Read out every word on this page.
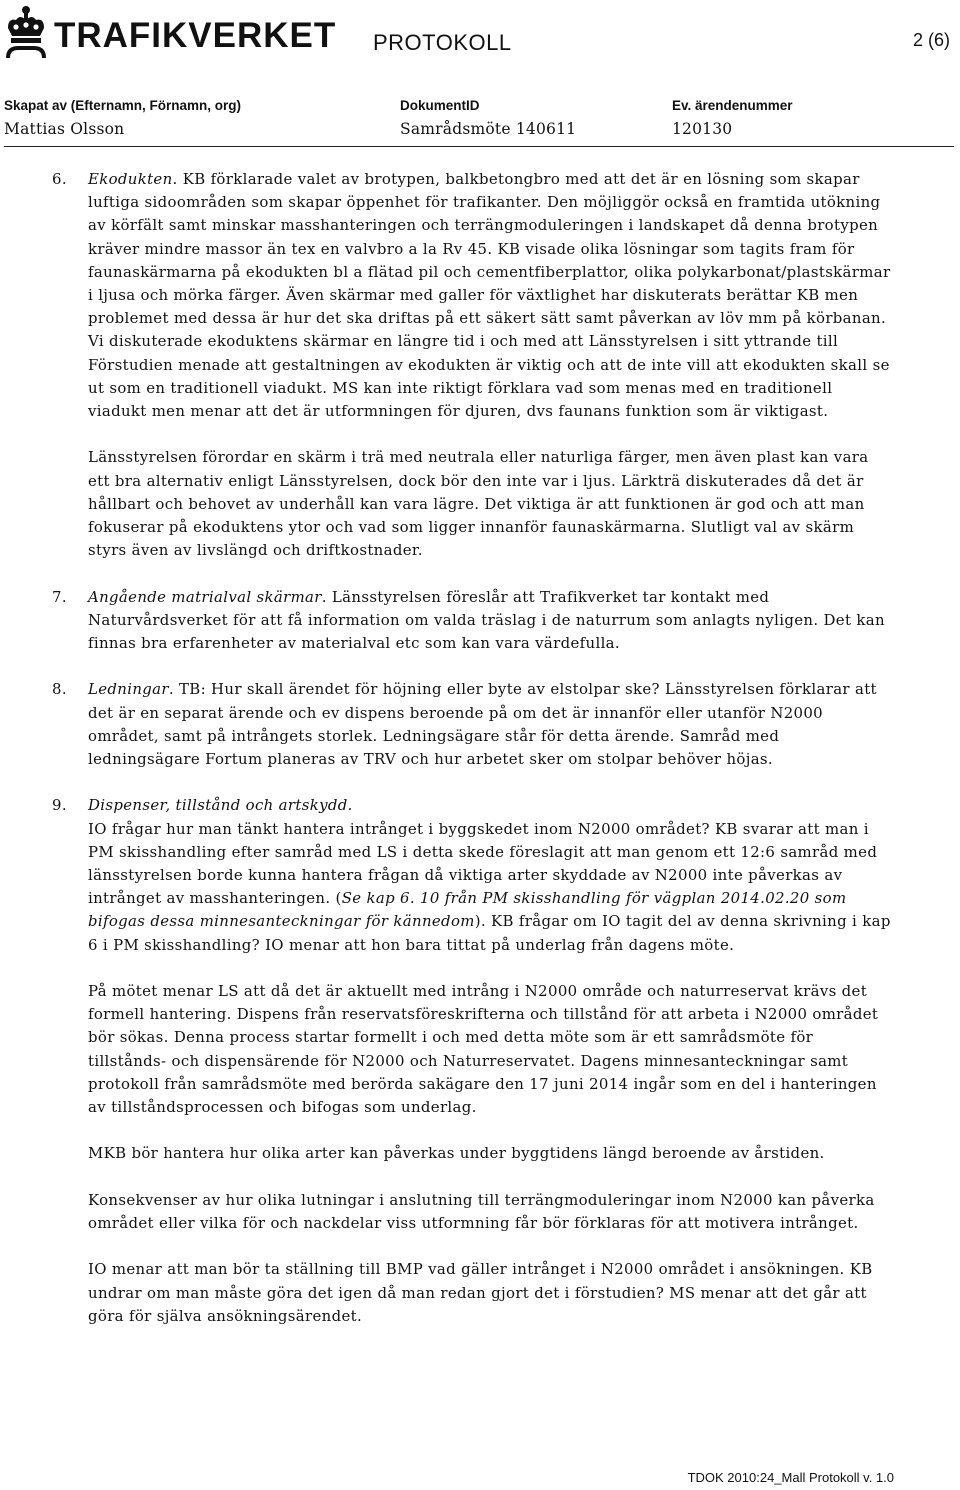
TRAFIKVERKET PROTOKOLL	2 (6)
Skapat av (Efternamn, Förnamn, org)
Mattias Olsson
DokumentID
Samrådsmöte 140611
Ev. ärendenummer
120130
6. Ekodukten. KB förklarade valet av brotypen, balkbetongbro med att det är en lösning som skapar luftiga sidoområden som skapar öppenhet för trafikanter. Den möjliggör också en framtida utökning av körfält samt minskar masshanteringen och terrängmoduleringen i landskapet då denna brotypen kräver mindre massor än tex en valvbro a la Rv 45. KB visade olika lösningar som tagits fram för faunaskärmarna på ekodukten bl a flätad pil och cementfiberplattor, olika polykarbonat/plastskärmar i ljusa och mörka färger. Även skärmar med galler för växtlighet har diskuterats berättar KB men problemet med dessa är hur det ska driftas på ett säkert sätt samt påverkan av löv mm på körbanan. Vi diskuterade ekoduktens skärmar en längre tid i och med att Länsstyrelsen i sitt yttrande till Förstudien menade att gestaltningen av ekodukten är viktig och att de inte vill att ekodukten skall se ut som en traditionell viadukt. MS kan inte riktigt förklara vad som menas med en traditionell viadukt men menar att det är utformningen för djuren, dvs faunans funktion som är viktigast.

Länsstyrelsen förordar en skärm i trä med neutrala eller naturliga färger, men även plast kan vara ett bra alternativ enligt Länsstyrelsen, dock bör den inte var i ljus. Lärkträ diskuterades då det är hållbart och behovet av underhåll kan vara lägre. Det viktiga är att funktionen är god och att man fokuserar på ekoduktens ytor och vad som ligger innanför faunaskärmarna. Slutligt val av skärm styrs även av livslängd och driftkostnader.

7. Angående matrialval skärmar. Länsstyrelsen föreslår att Trafikverket tar kontakt med Naturvårdsverket för att få information om valda träslag i de naturrum som anlagts nyligen. Det kan finnas bra erfarenheter av materialval etc som kan vara värdefulla.

8. Ledningar. TB: Hur skall ärendet för höjning eller byte av elstolpar ske? Länsstyrelsen förklarar att det är en separat ärende och ev dispens beroende på om det är innanför eller utanför N2000 området, samt på intrångets storlek. Ledningsägare står för detta ärende. Samråd med ledningsägare Fortum planeras av TRV och hur arbetet sker om stolpar behöver höjas.

9. Dispenser, tillstånd och artskydd.
IO frågar hur man tänkt hantera intrånget i byggskedet inom N2000 området? KB svarar att man i PM skisshandling efter samråd med LS i detta skede föreslagit att man genom ett 12:6 samråd med länsstyrelsen borde kunna hantera frågan då viktiga arter skyddade av N2000 inte påverkas av intrånget av masshanteringen. (Se kap 6. 10 från PM skisshandling för vägplan 2014.02.20 som bifogas dessa minnesanteckningar för kännedom). KB frågar om IO tagit del av denna skrivning i kap 6 i PM skisshandling? IO menar att hon bara tittat på underlag från dagens möte.

På mötet menar LS att då det är aktuellt med intrång i N2000 område och naturreservat krävs det formell hantering. Dispens från reservatsföreskrifterna och tillstånd för att arbeta i N2000 området bör sökas. Denna process startar formellt i och med detta möte som är ett samrådsmöte för tillstånds- och dispensärende för N2000 och Naturreservatet. Dagens minnesanteckningar samt protokoll från samrådsmöte med berörda sakägare den 17 juni 2014 ingår som en del i hanteringen av tillståndsprocessen och bifogas som underlag.

MKB bör hantera hur olika arter kan påverkas under byggtidens längd beroende av årstiden.

Konsekvenser av hur olika lutningar i anslutning till terrängmoduleringar inom N2000 kan påverka området eller vilka för och nackdelar viss utformning får bör förklaras för att motivera intrånget.

IO menar att man bör ta ställning till BMP vad gäller intrånget i N2000 området i ansökningen. KB undrar om man måste göra det igen då man redan gjort det i förstudien? MS menar att det går att göra för själva ansökningsärendet.

TDOK 2010:24_Mall Protokoll v. 1.0
